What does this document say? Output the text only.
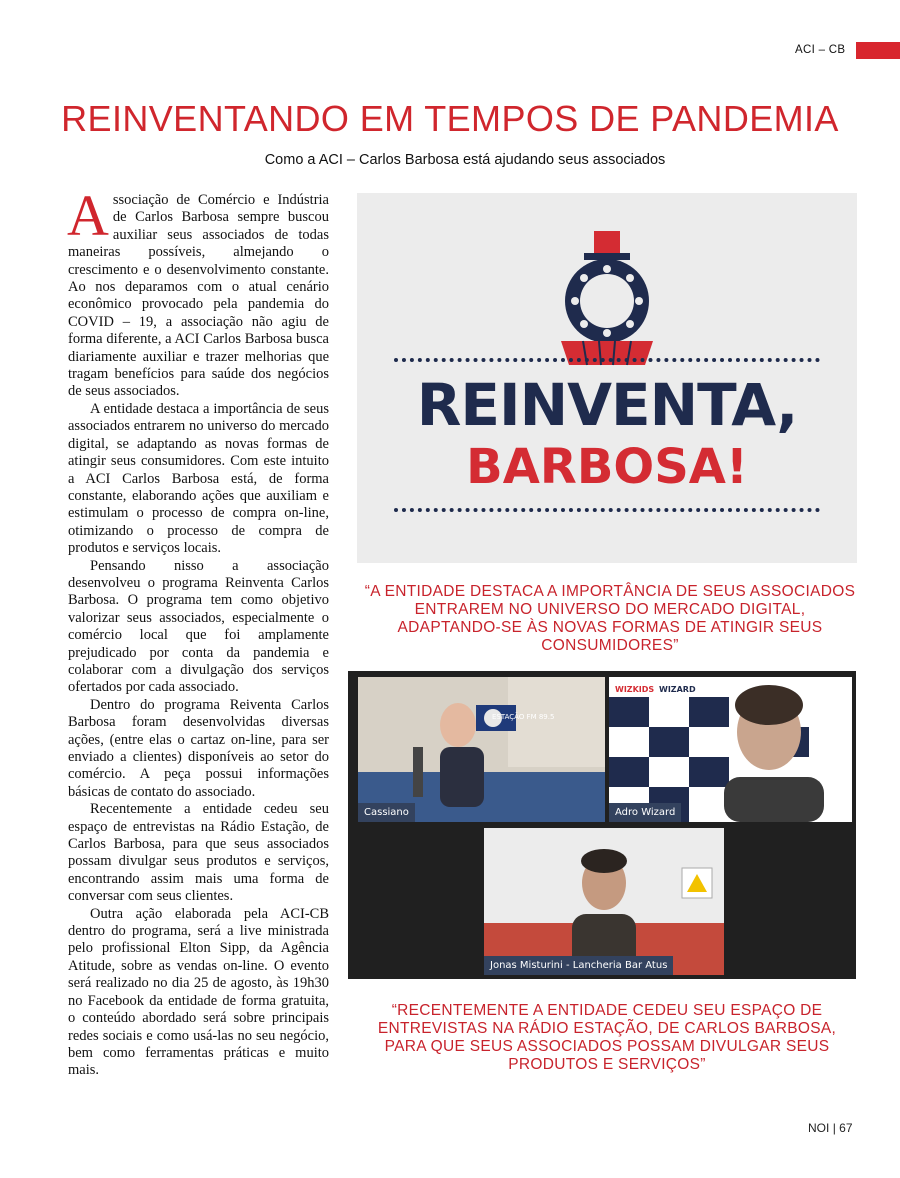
ACI – CB
REINVENTANDO EM TEMPOS DE PANDEMIA
Como a ACI – Carlos Barbosa está ajudando seus associados

Associação de Comércio e Indústria de Carlos Barbosa sempre buscou auxiliar seus associados de todas maneiras possíveis, almejando o crescimento e o desenvolvimento constante. Ao nos deparamos com o atual cenário econômico provocado pela pandemia do COVID – 19, a associação não agiu de forma diferente, a ACI Carlos Barbosa busca diariamente auxiliar e trazer melhorias que tragam benefícios para saúde dos negócios de seus associados.

A entidade destaca a importância de seus associados entrarem no universo do mercado digital, se adaptando as novas formas de atingir seus consumidores. Com este intuito a ACI Carlos Barbosa está, de forma constante, elaborando ações que auxiliam e estimulam o processo de compra on-line, otimizando o processo de compra de produtos e serviços locais.

Pensando nisso a associação desenvolveu o programa Reinventa Carlos Barbosa. O programa tem como objetivo valorizar seus associados, especialmente o comércio local que foi amplamente prejudicado por conta da pandemia e colaborar com a divulgação dos serviços ofertados por cada associado.

Dentro do programa Reiventa Carlos Barbosa foram desenvolvidas diversas ações, (entre elas o cartaz on-line, para ser enviado a clientes) disponíveis ao setor do comércio. A peça possui informações básicas de contato do associado.

Recentemente a entidade cedeu seu espaço de entrevistas na Rádio Estação, de Carlos Barbosa, para que seus associados possam divulgar seus produtos e serviços, encontrando assim mais uma forma de conversar com seus clientes.

Outra ação elaborada pela ACI-CB dentro do programa, será a live ministrada pelo profissional Elton Sipp, da Agência Atitude, sobre as vendas on-line. O evento será realizado no dia 25 de agosto, às 19h30 no Facebook da entidade de forma gratuita, o conteúdo abordado será sobre principais redes sociais e como usá-las no seu negócio, bem como ferramentas práticas e muito mais.

REINVENTA,
BARBOSA!
“A ENTIDADE DESTACA A IMPORTÂNCIA DE SEUS ASSOCIADOS ENTRAREM NO UNIVERSO DO MERCADO DIGITAL, ADAPTANDO-SE ÀS NOVAS FORMAS DE ATINGIR SEUS CONSUMIDORES”
ESTAÇÃO FM 89.5
Cassiano
WIZARD
WIZKIDS
Adro Wizard
Jonas Misturini - Lancheria Bar Atus
“RECENTEMENTE A ENTIDADE CEDEU SEU ESPAÇO DE ENTREVISTAS NA RÁDIO ESTAÇÃO, DE CARLOS BARBOSA, PARA QUE SEUS ASSOCIADOS POSSAM DIVULGAR SEUS PRODUTOS E SERVIÇOS”
NOI | 67
